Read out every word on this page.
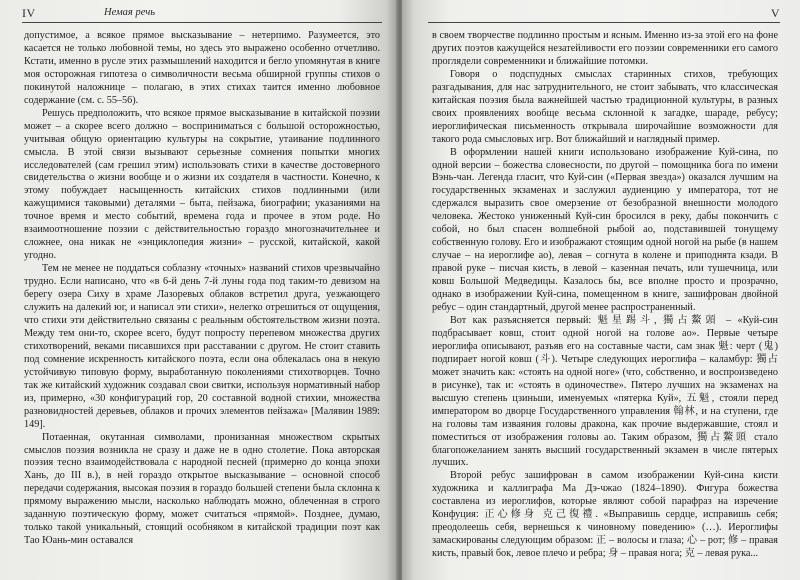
IV	Немая речь

допустимое, а всякое прямое высказывание – нетерпимо. Разумеется, это касается не только любовной темы, но здесь это выражено особенно отчетливо. Кстати, именно в русле этих размышлений находится и бегло упомянутая в книге моя осторожная гипотеза о символичности весьма обширной группы стихов о покинутой наложнице – полагаю, в этих стихах таится именно любовное содержание (см. с. 55–56).

Решусь предположить, что всякое прямое высказывание в китайской поэзии может – а скорее всего должно – восприниматься с большой осторожностью, учитывая общую ориентацию культуры на сокрытие, утаивание подлинного смысла. В этой связи вызывают серьезные сомнения попытки многих исследователей (сам грешил этим) использовать стихи в качестве достоверного свидетельства о жизни вообще и о жизни их создателя в частности. Конечно, к этому побуждает насыщенность китайских стихов подлинными (или кажущимися таковыми) деталями – быта, пейзажа, биографии; указаниями на точное время и место событий, времена года и прочее в этом роде. Но взаимоотношение поэзии с действительностью гораздо многозначительнее и сложнее, она никак не «энциклопедия жизни» – русской, китайской, какой угодно.

Тем не менее не поддаться соблазну «точных» названий стихов чрезвычайно трудно. Если написано, что «в 6-й день 7-й луны года под таким-то девизом на берегу озера Сиху в храме Лазоревых облаков встретил друга, уезжающего служить на далекий юг, и написал эти стихи», нелегко отрешиться от ощущения, что стихи эти действительно связаны с реальным обстоятельством жизни поэта. Между тем они-то, скорее всего, будут попросту перепевом множества других стихотворений, веками писавшихся при расставании с другом. Не стоит ставить под сомнение искренность китайского поэта, если она облекалась она в некую устойчивую типовую форму, выработанную поколениями стихотворцев. Точно так же китайский художник создавал свои свитки, используя нормативный набор из, примерно, «30 конфигураций гор, 20 составной водной стихии, множества разновидностей деревьев, облаков и прочих элементов пейзажа» [Малявин 1989: 149].

Потаенная, окутанная символами, пронизанная множеством скрытых смыслов поэзия возникла не сразу и даже не в одно столетие. Пока авторская поэзия тесно взаимодействовала с народной песней (примерно до конца эпохи Хань, до III в.), в ней гораздо открытое высказывание – основной способ передачи содержания, высокая поэзия в гораздо большей степени была склонна к прямому выражению мысли, насколько наблюдать можно, облеченная в строго заданную поэтическую форму, может считаться «прямой». Позднее, думаю, только такой уникальный, стоящий особняком в китайской традиции поэт как Тао Юань-мин оставался

V

в своем творчестве подлинно простым и ясным. Именно из-за этой его на фоне других поэтов кажущейся незатейливости его поэзии современники его самого проглядели современники и ближайшие потомки.

Говоря о подспудных смыслах старинных стихов, требующих разгадывания, для нас затруднительного, не стоит забывать, что классическая китайская поэзия была важнейшей частью традиционной культуры, в разных своих проявлениях вообще весьма склонной к загадке, шараде, ребусу; иероглифическая письменность открывала широчайшие возможности для такого рода смысловых игр. Вот ближайший и наглядный пример.

В оформлении нашей книги использовано изображение Куй-сина, по одной версии – божества словесности, по другой – помощника бога по имени Вэнь-чан. Легенда гласит, что Куй-син («Первая звезда») оказался лучшим на государственных экзаменах и заслужил аудиенцию у императора, тот не сдержался выразить свое омерзение от безобразной внешности молодого человека. Жестоко униженный Куй-син бросился в реку, дабы покончить с собой, но был спасен волшебной рыбой ао, подставившей тонущему собственную голову. Его и изображают стоящим одной ногой на рыбе (в нашем случае – на иероглифе ао), левая – согнута в колене и приподнята кзади. В правой руке – писчая кисть, в левой – казенная печать, или тушечница, или ковш Большой Медведицы. Казалось бы, все вполне просто и прозрачно, однако в изображении Куй-сина, помещенном в книге, зашифрован двойной ребус – один стандартный, другой менее распространенный.

Вот как разъясняется первый: 魁星踢斗, 獨占鰲頭 – «Куй-син подбрасывает ковш, стоит одной ногой на голове ао». Первые четыре иероглифа описывают, разъяв его на составные части, сам знак 魁: черт (鬼) подпирает ногой ковш (斗). Четыре следующих иероглифа – каламбур: 獨占 может значить как: «стоять на одной ноге» (что, собственно, и воспроизведено в рисунке), так и: «стоять в одиночестве». Пятеро лучших на экзаменах на высшую степень цзиньши, именуемых «пятерка Куй», 五魁, стояли перед императором во дворце Государственного управления 翰林, и на ступени, где на головы там изваяния головы дракона, как прочие выдержавшие, стоял и поместиться от изображения головы ао. Таким образом, 獨占鰲頭 стало благопожеланием занять высший государственный экзамен в числе пятерых лучших.

Второй ребус зашифрован в самом изображении Куй-сина кисти художника и каллиграфа Ма Дэ-чжао (1824–1890). Фигура божества составлена из иероглифов, которые являют собой парафраз на изречение Конфуция: 正心修身 克己復禮. «Выправишь сердце, исправишь себя; преодолеешь себя, вернешься к чиновному поведению» (…). Иероглифы замаскированы следующим образом: 正 – волосы и глаза; 心 – рот; 修 – правая кисть, правый бок, левое плечо и ребра; 身 – правая нога; 克 – левая рука...
